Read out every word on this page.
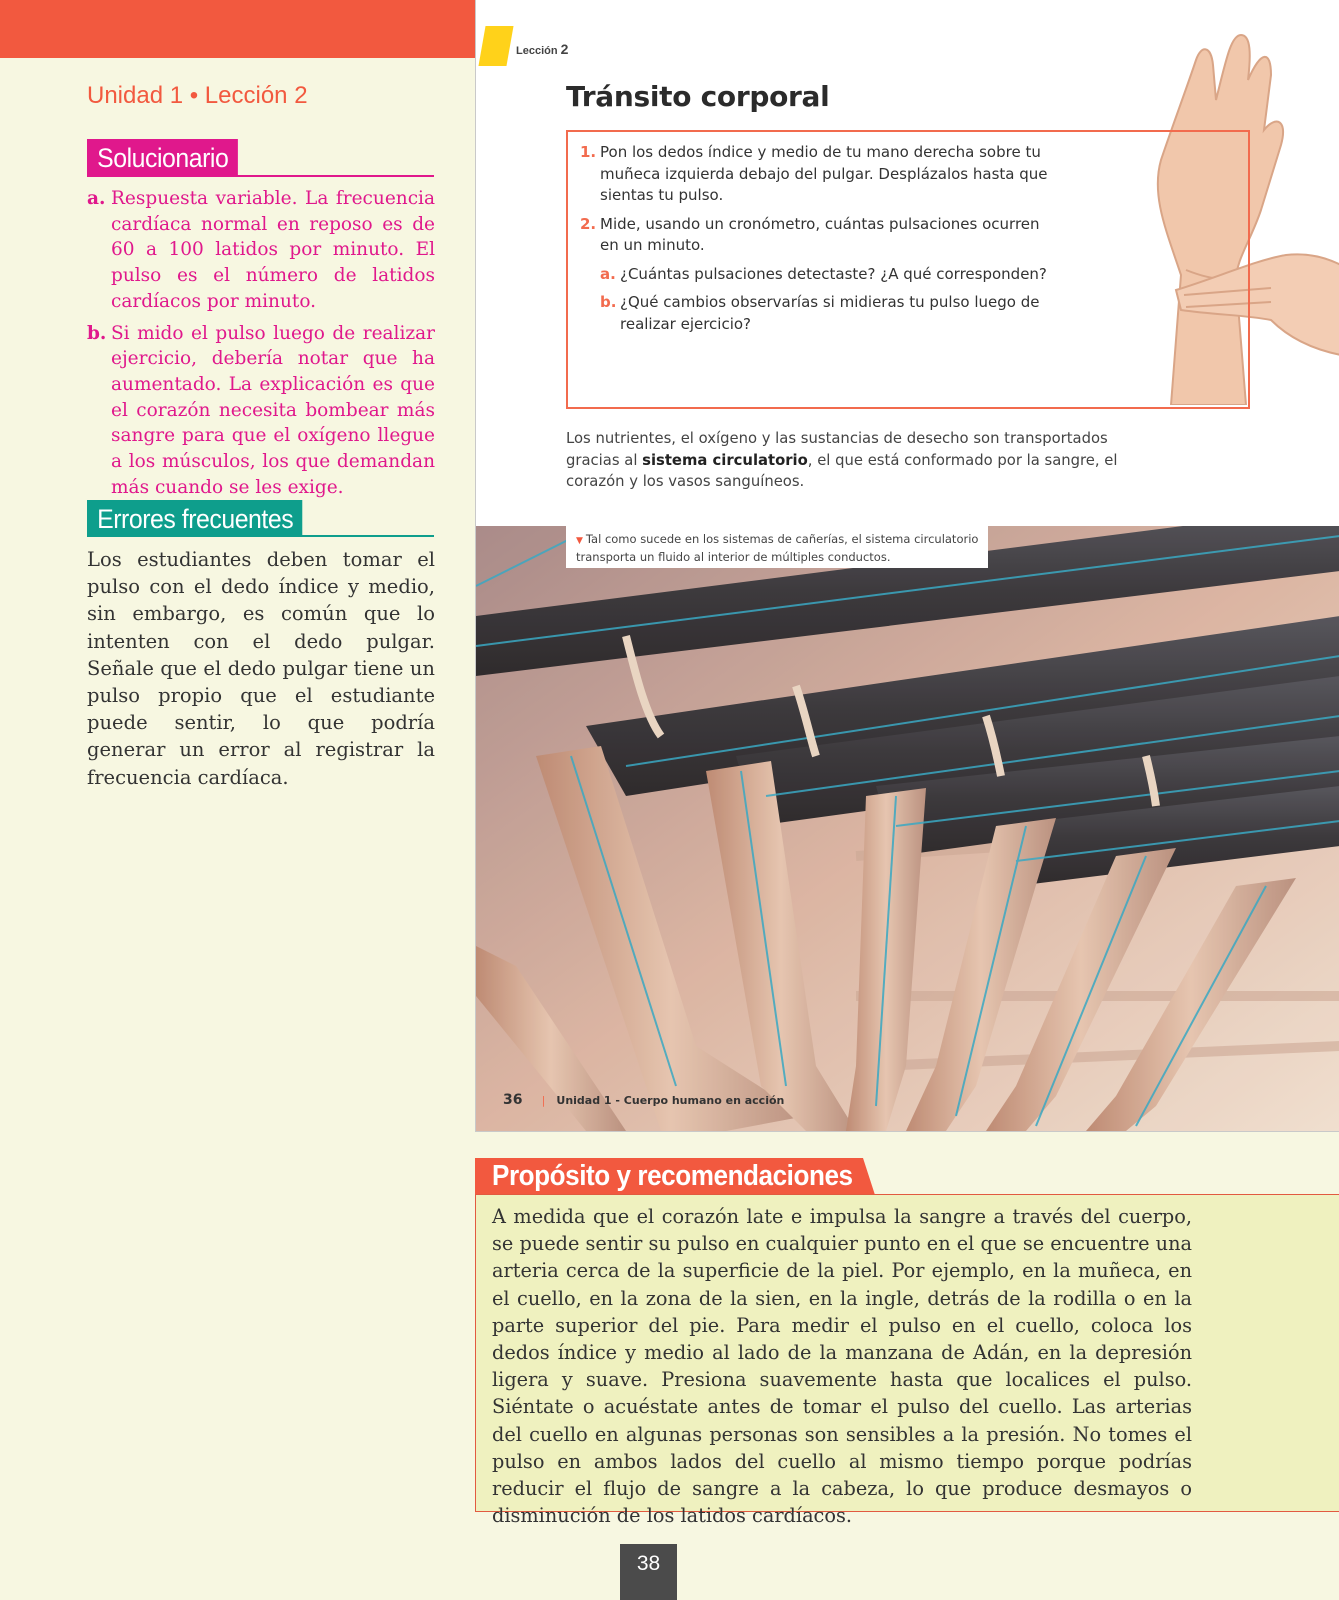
Unidad 1 • Lección 2
Solucionario
a. Respuesta variable. La frecuencia cardíaca normal en reposo es de 60 a 100 latidos por minuto. El pulso es el número de latidos cardíacos por minuto.
b. Si mido el pulso luego de realizar ejercicio, debería notar que ha aumentado. La explicación es que el corazón necesita bombear más sangre para que el oxígeno llegue a los músculos, los que demandan más cuando se les exige.
Errores frecuentes

Los estudiantes deben tomar el pulso con el dedo índice y medio, sin embargo, es común que lo intenten con el dedo pulgar. Señale que el dedo pulgar tiene un pulso propio que el estudiante puede sentir, lo que podría generar un error al registrar la frecuencia cardíaca.

Lección 2
Tránsito corporal
1. Pon los dedos índice y medio de tu mano derecha sobre tu muñeca izquierda debajo del pulgar. Desplázalos hasta que sientas tu pulso.
2. Mide, usando un cronómetro, cuántas pulsaciones ocurren en un minuto.
a. ¿Cuántas pulsaciones detectaste? ¿A qué corresponden?
b. ¿Qué cambios observarías si midieras tu pulso luego de realizar ejercicio?
Los nutrientes, el oxígeno y las sustancias de desecho son transportados gracias al sistema circulatorio, el que está conformado por la sangre, el corazón y los vasos sanguíneos.
▼ Tal como sucede en los sistemas de cañerías, el sistema circulatorio transporta un fluido al interior de múltiples conductos.
36 | Unidad 1 - Cuerpo humano en acción
Propósito y recomendaciones

A medida que el corazón late e impulsa la sangre a través del cuerpo, se puede sentir su pulso en cualquier punto en el que se encuentre una arteria cerca de la superficie de la piel. Por ejemplo, en la muñeca, en el cuello, en la zona de la sien, en la ingle, detrás de la rodilla o en la parte superior del pie. Para medir el pulso en el cuello, coloca los dedos índice y medio al lado de la manzana de Adán, en la depresión ligera y suave. Presiona suavemente hasta que localices el pulso. Siéntate o acuéstate antes de tomar el pulso del cuello. Las arterias del cuello en algunas personas son sensibles a la presión. No tomes el pulso en ambos lados del cuello al mismo tiempo porque podrías reducir el flujo de sangre a la cabeza, lo que produce desmayos o disminución de los latidos cardíacos.

38
